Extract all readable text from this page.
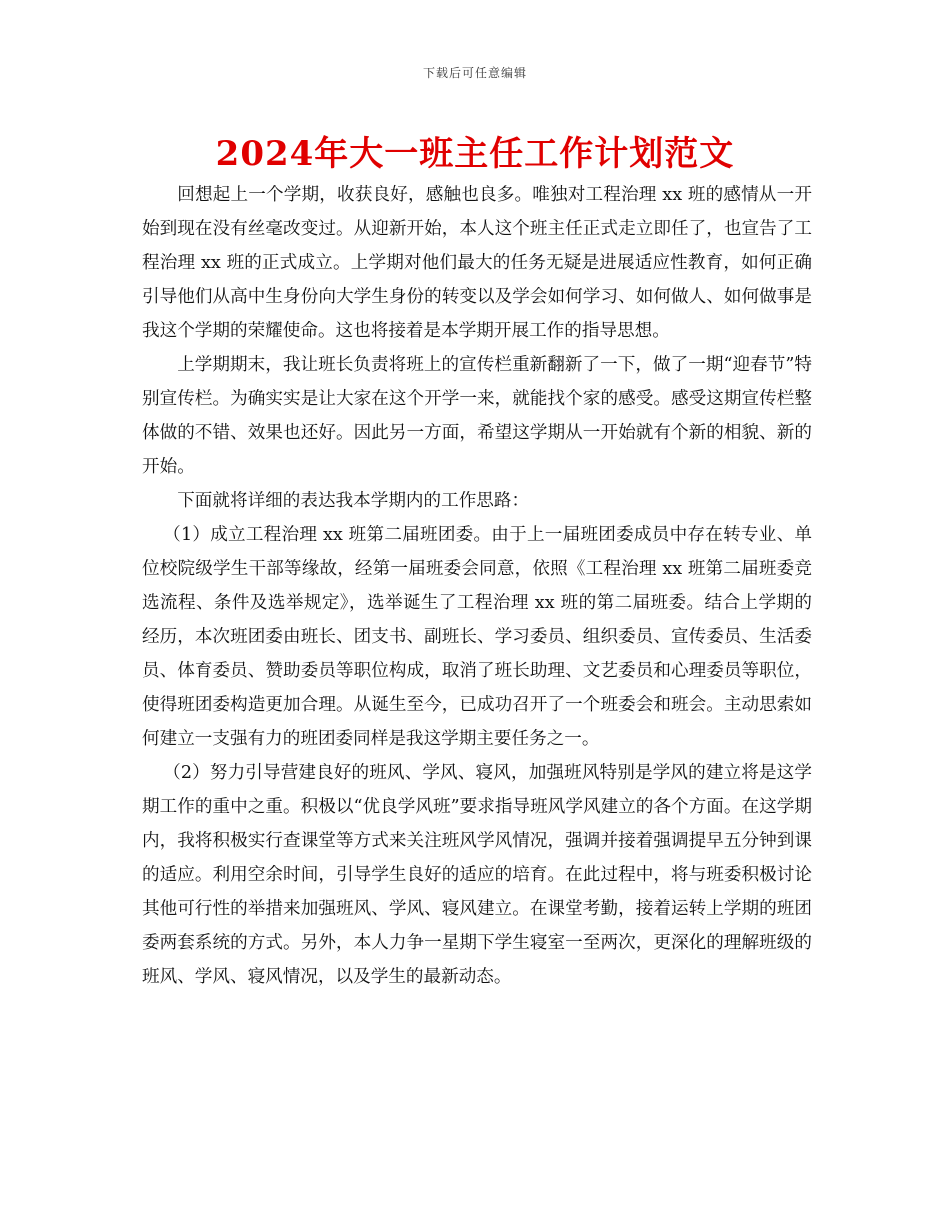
下载后可任意编辑
2024年大一班主任工作计划范文

回想起上一个学期，收获良好，感触也良多。唯独对工程治理 xx 班的感情从一开始到现在没有丝毫改变过。从迎新开始，本人这个班主任正式走立即任了，也宣告了工程治理 xx 班的正式成立。上学期对他们最大的任务无疑是进展适应性教育，如何正确引导他们从高中生身份向大学生身份的转变以及学会如何学习、如何做人、如何做事是我这个学期的荣耀使命。这也将接着是本学期开展工作的指导思想。

上学期期末，我让班长负责将班上的宣传栏重新翻新了一下，做了一期“迎春节”特别宣传栏。为确实实是让大家在这个开学一来，就能找个家的感受。感受这期宣传栏整体做的不错、效果也还好。因此另一方面，希望这学期从一开始就有个新的相貌、新的开始。

下面就将详细的表达我本学期内的工作思路：

（1）成立工程治理 xx 班第二届班团委。由于上一届班团委成员中存在转专业、单位校院级学生干部等缘故，经第一届班委会同意，依照《工程治理 xx 班第二届班委竞选流程、条件及选举规定》，选举诞生了工程治理 xx 班的第二届班委。结合上学期的经历，本次班团委由班长、团支书、副班长、学习委员、组织委员、宣传委员、生活委员、体育委员、赞助委员等职位构成，取消了班长助理、文艺委员和心理委员等职位，使得班团委构造更加合理。从诞生至今，已成功召开了一个班委会和班会。主动思索如何建立一支强有力的班团委同样是我这学期主要任务之一。

（2）努力引导营建良好的班风、学风、寝风，加强班风特别是学风的建立将是这学期工作的重中之重。积极以“优良学风班”要求指导班风学风建立的各个方面。在这学期内，我将积极实行查课堂等方式来关注班风学风情况，强调并接着强调提早五分钟到课的适应。利用空余时间，引导学生良好的适应的培育。在此过程中，将与班委积极讨论其他可行性的举措来加强班风、学风、寝风建立。在课堂考勤，接着运转上学期的班团委两套系统的方式。另外，本人力争一星期下学生寝室一至两次，更深化的理解班级的班风、学风、寝风情况，以及学生的最新动态。
